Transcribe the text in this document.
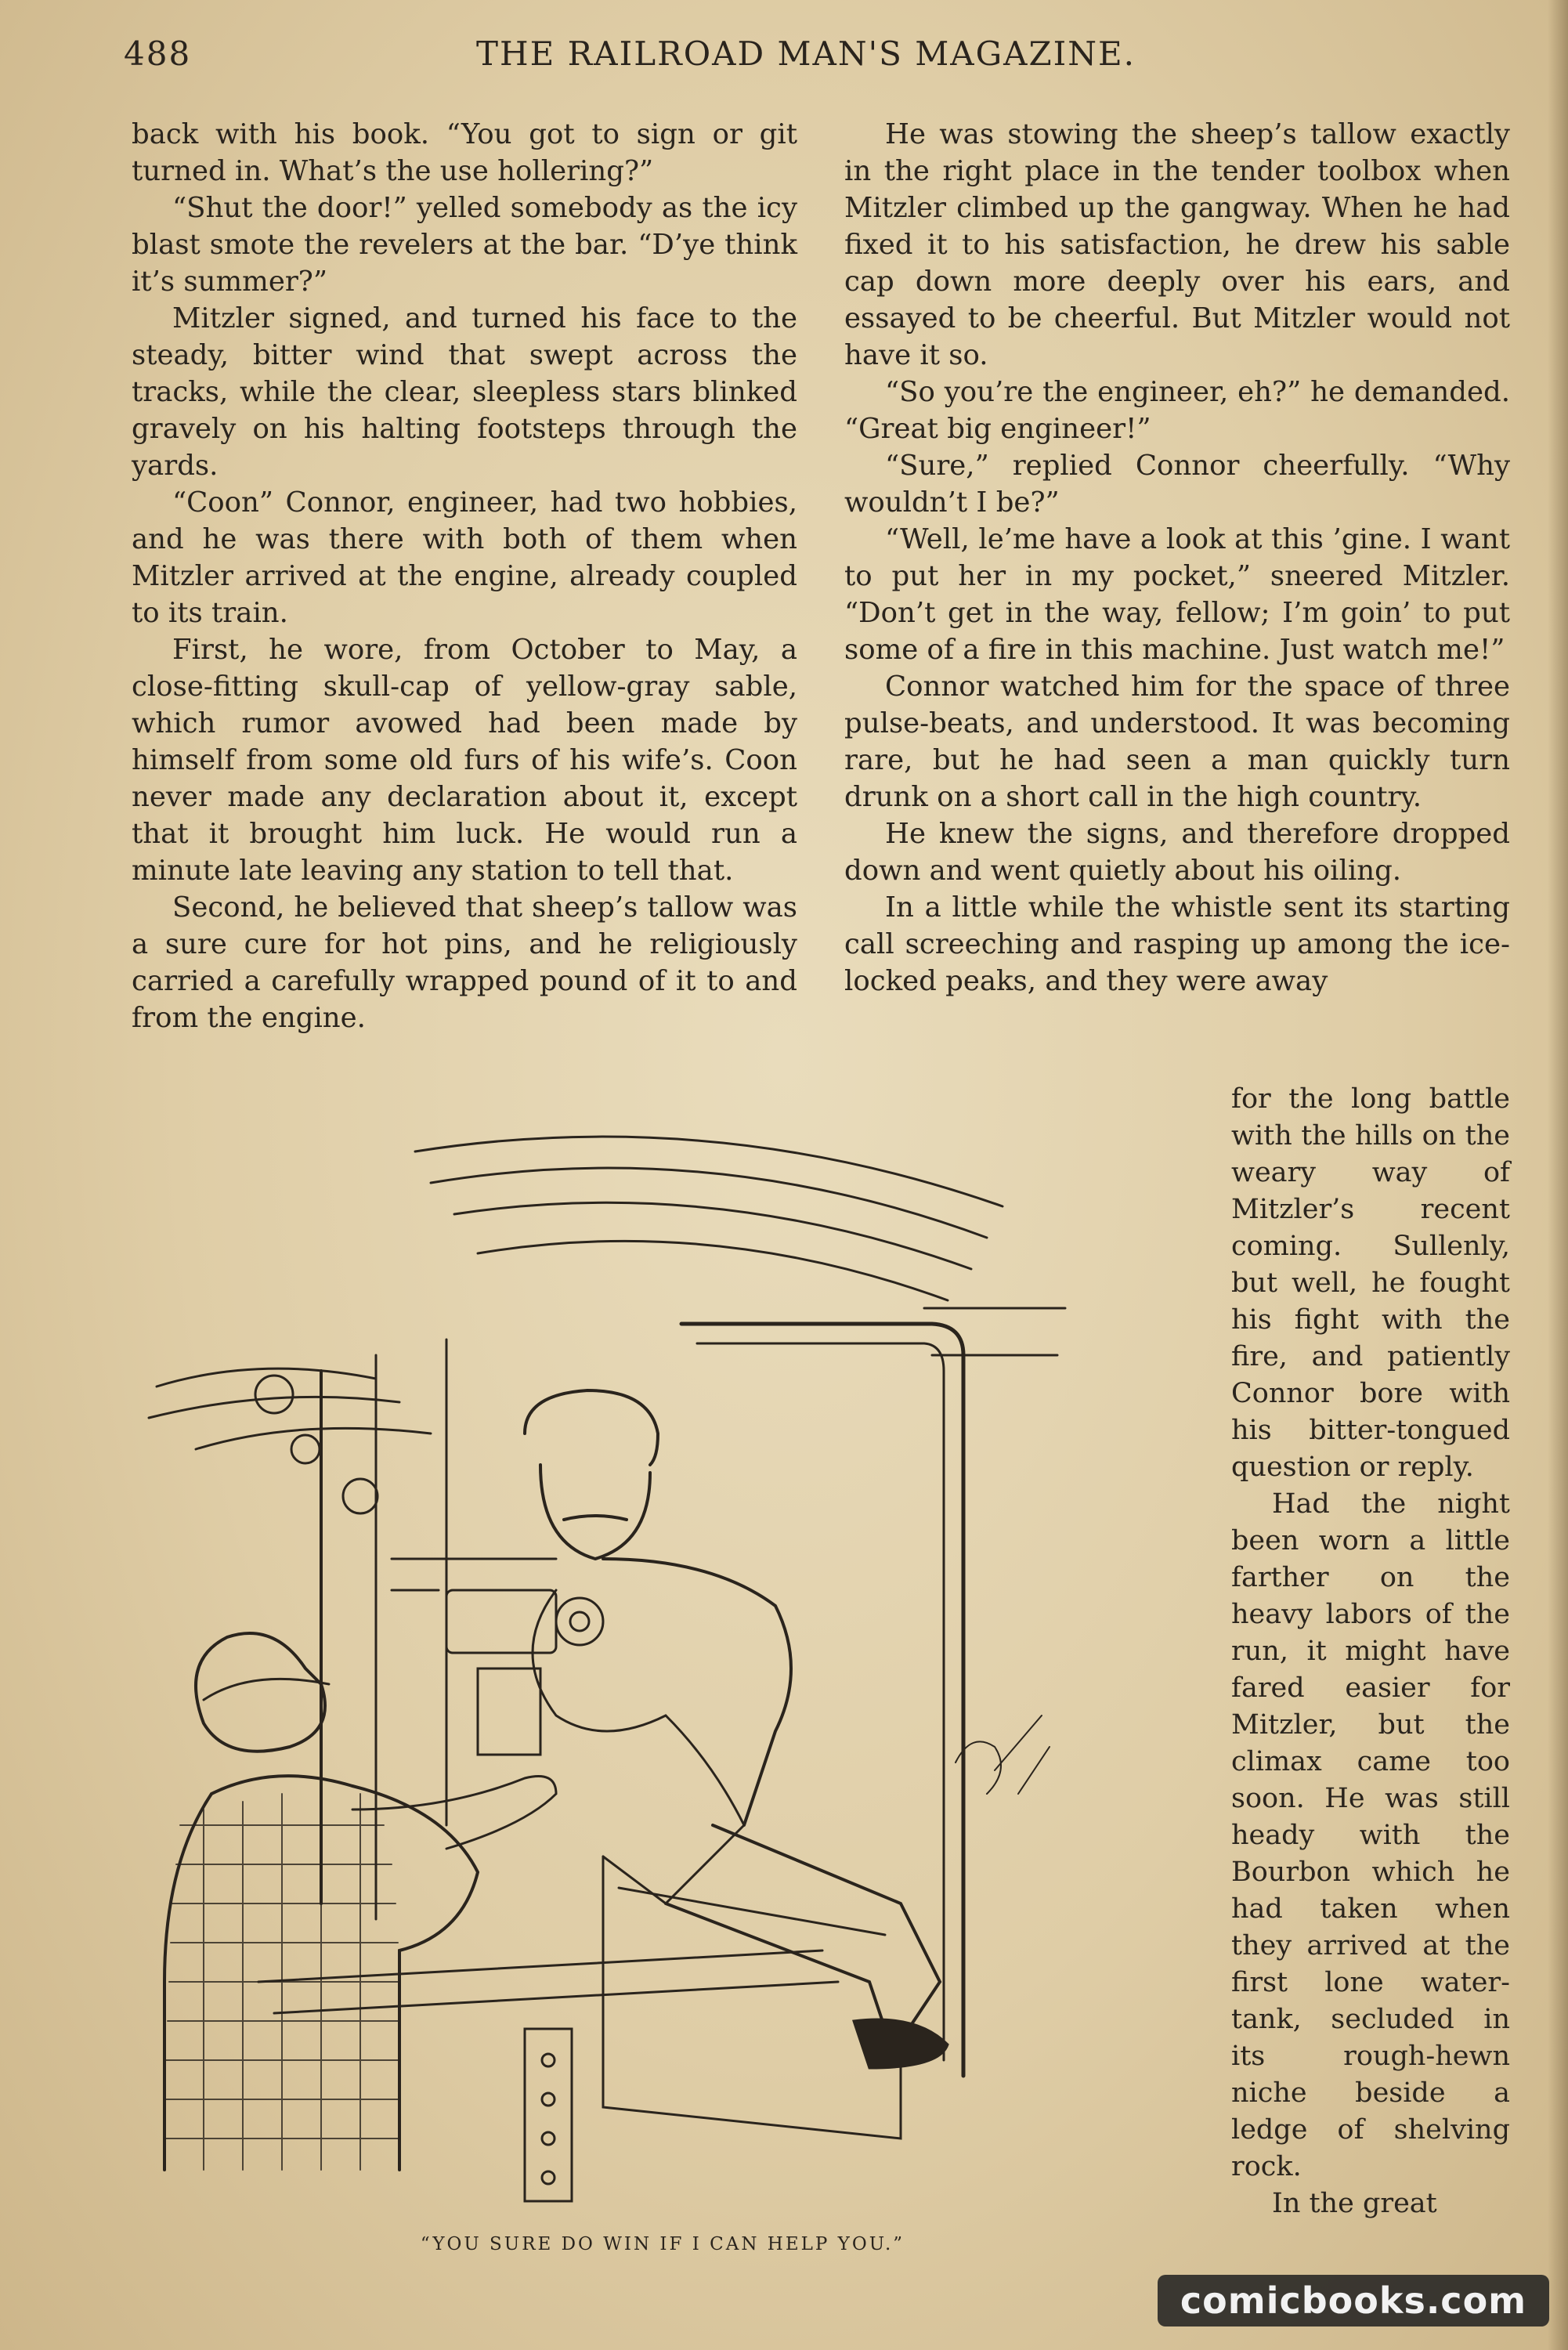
488	THE RAILROAD MAN'S MAGAZINE.

back with his book. “You got to sign or git turned in. What’s the use hollering?”

“Shut the door!” yelled somebody as the icy blast smote the revelers at the bar. “D’ye think it’s summer?”

Mitzler signed, and turned his face to the steady, bitter wind that swept across the tracks, while the clear, sleepless stars blinked gravely on his halting footsteps through the yards.

“Coon” Connor, engineer, had two hobbies, and he was there with both of them when Mitzler arrived at the engine, already coupled to its train.

First, he wore, from October to May, a close-fitting skull-cap of yellow-gray sable, which rumor avowed had been made by himself from some old furs of his wife’s. Coon never made any declaration about it, except that it brought him luck. He would run a minute late leaving any station to tell that.

Second, he believed that sheep’s tallow was a sure cure for hot pins, and he religiously carried a carefully wrapped pound of it to and from the engine.

He was stowing the sheep’s tallow exactly in the right place in the tender toolbox when Mitzler climbed up the gangway. When he had fixed it to his satisfaction, he drew his sable cap down more deeply over his ears, and essayed to be cheerful. But Mitzler would not have it so.

“So you’re the engineer, eh?” he demanded. “Great big engineer!”

“Sure,” replied Connor cheerfully. “Why wouldn’t I be?”

“Well, le’me have a look at this ’gine. I want to put her in my pocket,” sneered Mitzler. “Don’t get in the way, fellow; I’m goin’ to put some of a fire in this machine. Just watch me!”

Connor watched him for the space of three pulse-beats, and understood. It was becoming rare, but he had seen a man quickly turn drunk on a short call in the high country.

He knew the signs, and therefore dropped down and went quietly about his oiling.

In a little while the whistle sent its starting call screeching and rasping up among the ice-locked peaks, and they were away

for the long battle with the hills on the weary way of Mitzler’s recent coming. Sullenly, but well, he fought his fight with the fire, and patiently Connor bore with his bitter-tongued question or reply.

Had the night been worn a little farther on the heavy labors of the run, it might have fared easier for Mitzler, but the climax came too soon. He was still heady with the Bourbon which he had taken when they arrived at the first lone water-tank, secluded in its rough-hewn niche beside a ledge of shelving rock.

In the great

“YOU SURE DO WIN IF I CAN HELP YOU.”
comicbooks.com
